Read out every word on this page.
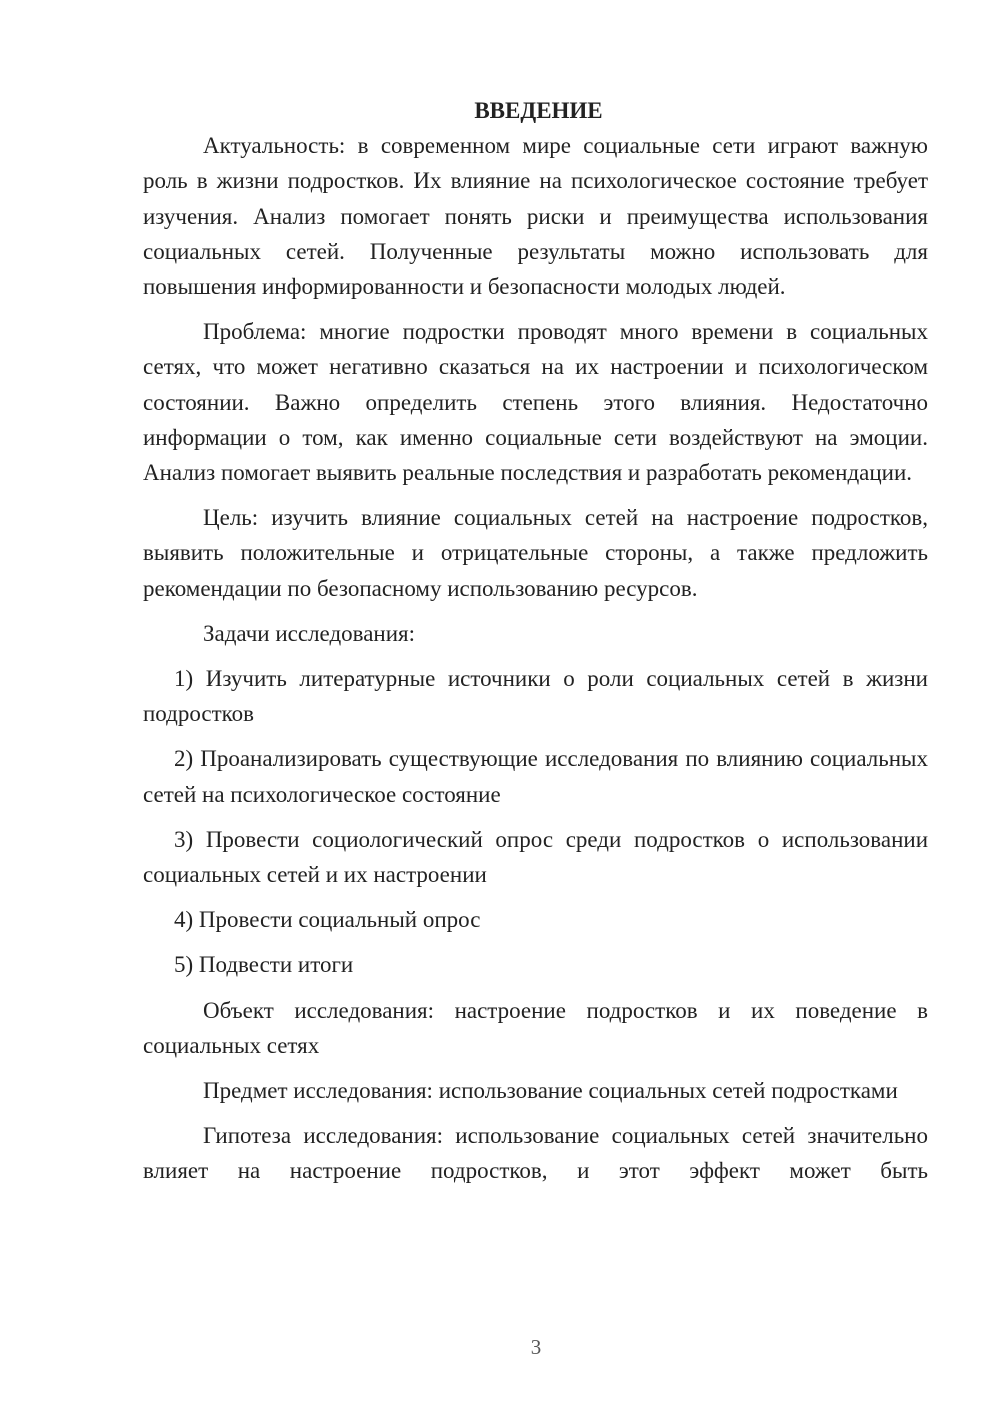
ВВЕДЕНИЕ

Актуальность: в современном мире социальные сети играют важную роль в жизни подростков. Их влияние на психологическое состояние требует изучения. Анализ помогает понять риски и преимущества использования социальных сетей. Полученные результаты можно использовать для повышения информированности и безопасности молодых людей.

Проблема: многие подростки проводят много времени в социальных сетях, что может негативно сказаться на их настроении и психологическом состоянии. Важно определить степень этого влияния. Недостаточно информации о том, как именно социальные сети воздействуют на эмоции. Анализ помогает выявить реальные последствия и разработать рекомендации.

Цель: изучить влияние социальных сетей на настроение подростков, выявить положительные и отрицательные стороны, а также предложить рекомендации по безопасному использованию ресурсов.

Задачи исследования:

1) Изучить литературные источники о роли социальных сетей в жизни подростков

2) Проанализировать существующие исследования по влиянию социальных сетей на психологическое состояние

3) Провести социологический опрос среди подростков о использовании социальных сетей и их настроении

4) Провести социальный опрос

5) Подвести итоги

Объект исследования: настроение подростков и их поведение в социальных сетях

Предмет исследования: использование социальных сетей подростками

Гипотеза исследования: использование социальных сетей значительно влияет на настроение подростков, и этот эффект может быть

3
